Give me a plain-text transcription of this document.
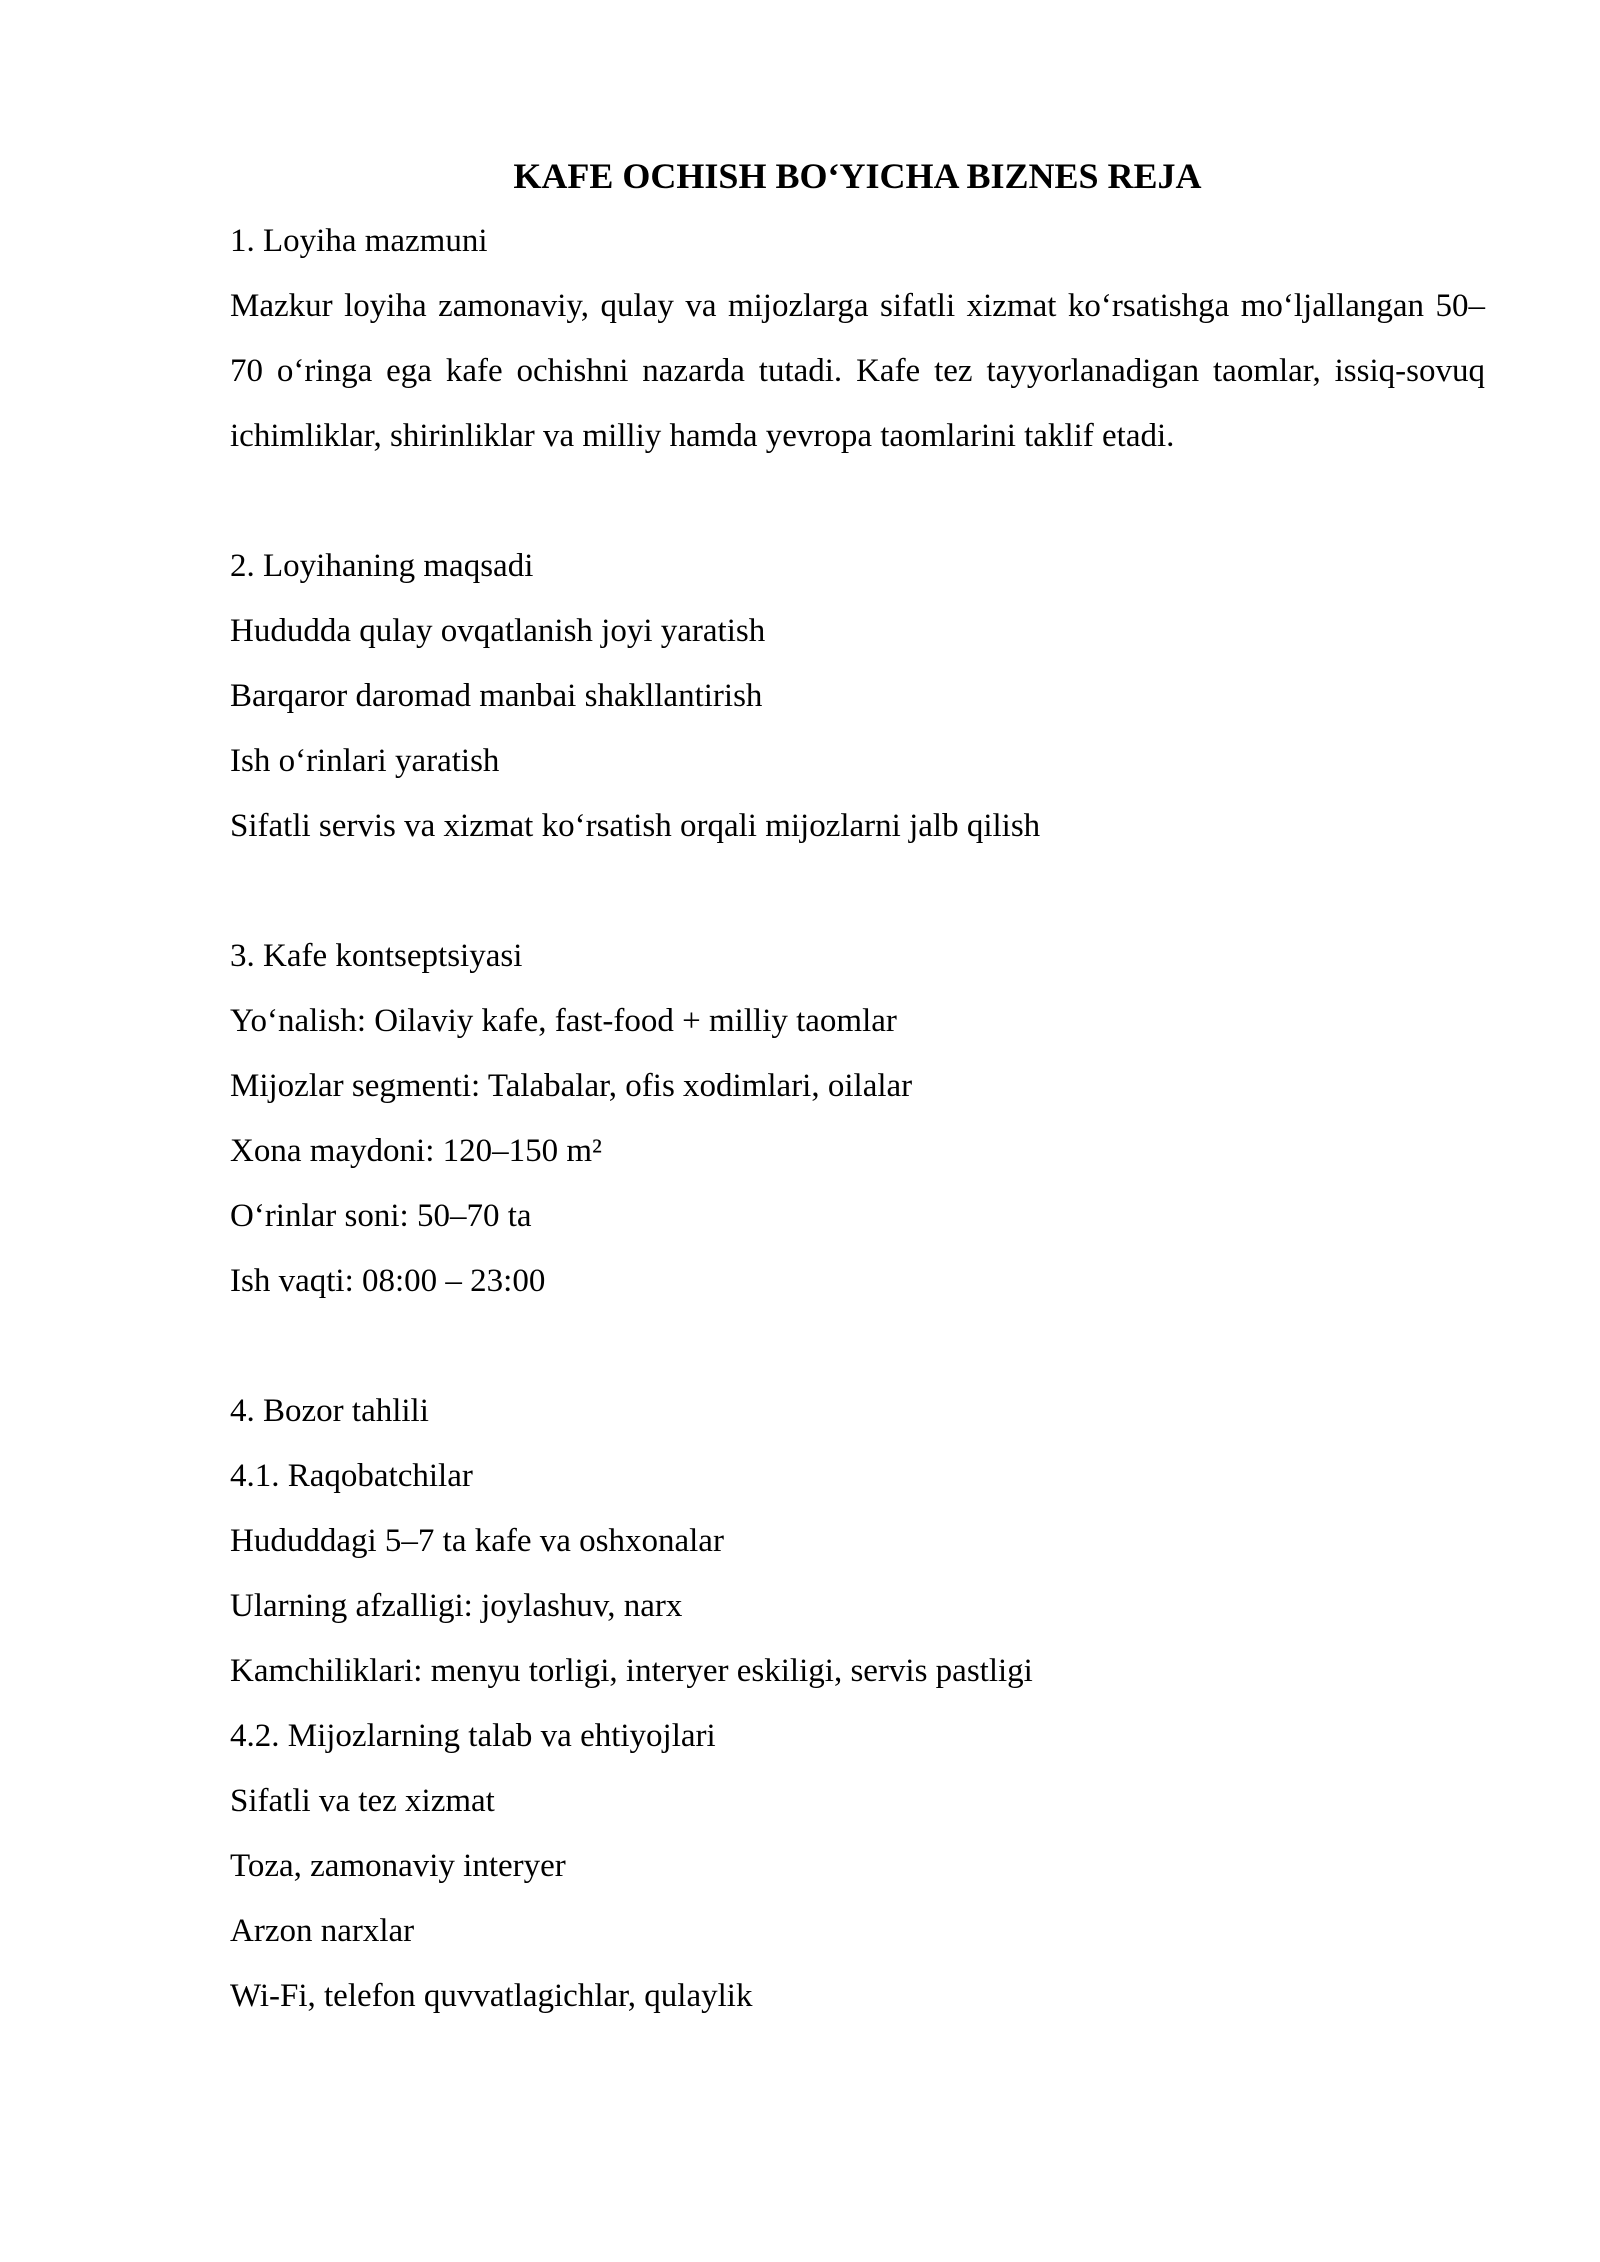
KAFE OCHISH BO‘YICHA BIZNES REJA
1. Loyiha mazmuni
Mazkur loyiha zamonaviy, qulay va mijozlarga sifatli xizmat ko‘rsatishga mo‘ljallangan 50–70 o‘ringa ega kafe ochishni nazarda tutadi. Kafe tez tayyorlanadigan taomlar, issiq-sovuq ichimliklar, shirinliklar va milliy hamda yevropa taomlarini taklif etadi.
2. Loyihaning maqsadi
Hududda qulay ovqatlanish joyi yaratish
Barqaror daromad manbai shakllantirish
Ish o‘rinlari yaratish
Sifatli servis va xizmat ko‘rsatish orqali mijozlarni jalb qilish
3. Kafe kontseptsiyasi
Yo‘nalish: Oilaviy kafe, fast-food + milliy taomlar
Mijozlar segmenti: Talabalar, ofis xodimlari, oilalar
Xona maydoni: 120–150 m²
O‘rinlar soni: 50–70 ta
Ish vaqti: 08:00 – 23:00
4. Bozor tahlili
4.1. Raqobatchilar
Hududdagi 5–7 ta kafe va oshxonalar
Ularning afzalligi: joylashuv, narx
Kamchiliklari: menyu torligi, interyer eskiligi, servis pastligi
4.2. Mijozlarning talab va ehtiyojlari
Sifatli va tez xizmat
Toza, zamonaviy interyer
Arzon narxlar
Wi-Fi, telefon quvvatlagichlar, qulaylik
